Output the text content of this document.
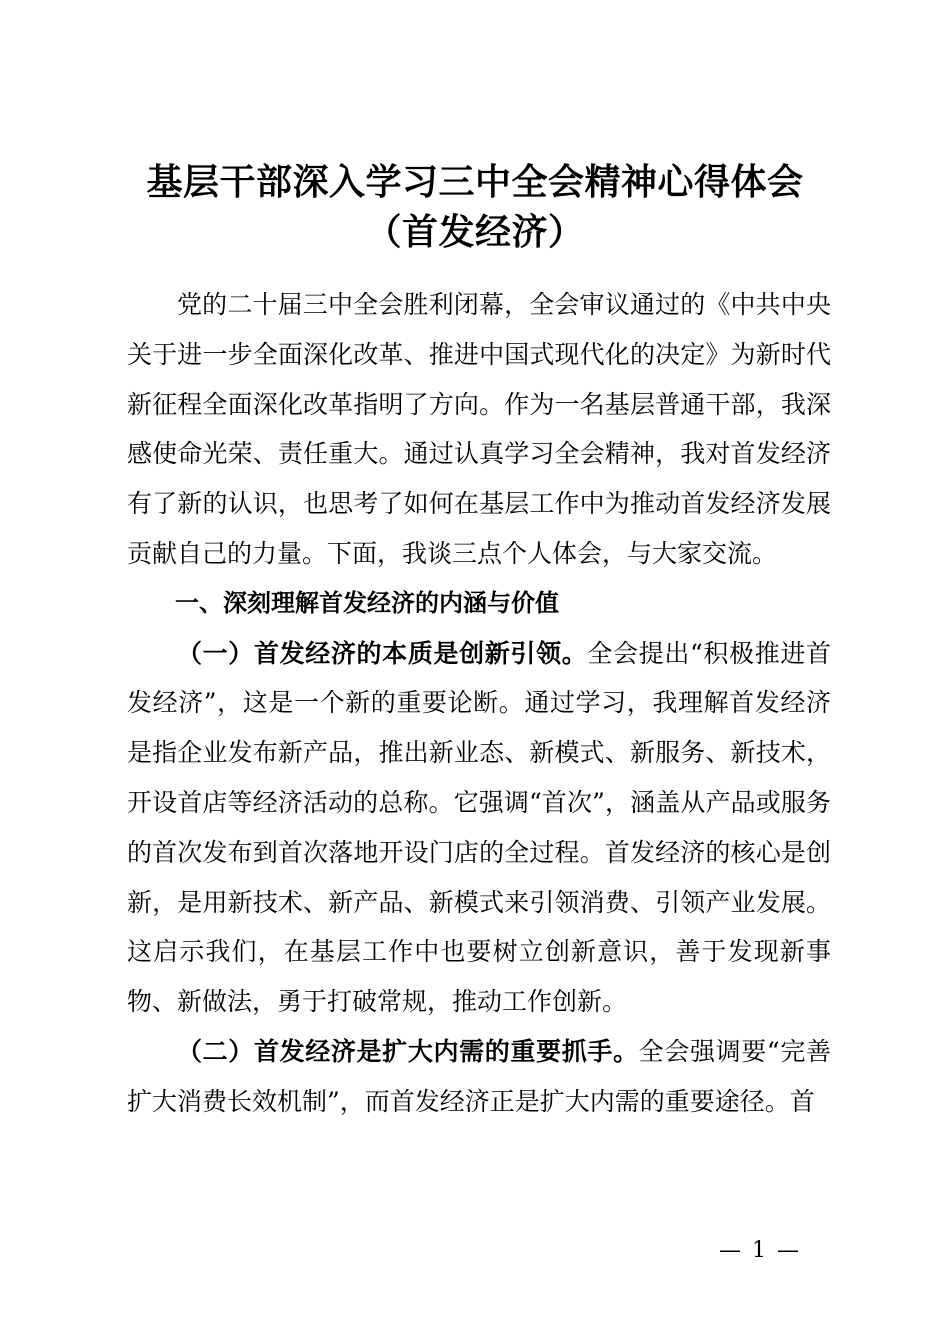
基层干部深入学习三中全会精神心得体会（首发经济）

党的二十届三中全会胜利闭幕，全会审议通过的《中共中央关于进一步全面深化改革、推进中国式现代化的决定》为新时代新征程全面深化改革指明了方向。作为一名基层普通干部，我深感使命光荣、责任重大。通过认真学习全会精神，我对首发经济有了新的认识，也思考了如何在基层工作中为推动首发经济发展贡献自己的力量。下面，我谈三点个人体会，与大家交流。

一、深刻理解首发经济的内涵与价值

（一）首发经济的本质是创新引领。全会提出“积极推进首发经济”，这是一个新的重要论断。通过学习，我理解首发经济是指企业发布新产品，推出新业态、新模式、新服务、新技术，开设首店等经济活动的总称。它强调“首次”，涵盖从产品或服务的首次发布到首次落地开设门店的全过程。首发经济的核心是创新，是用新技术、新产品、新模式来引领消费、引领产业发展。这启示我们，在基层工作中也要树立创新意识，善于发现新事物、新做法，勇于打破常规，推动工作创新。

（二）首发经济是扩大内需的重要抓手。全会强调要“完善扩大消费长效机制”，而首发经济正是扩大内需的重要途径。首

— 1 —
